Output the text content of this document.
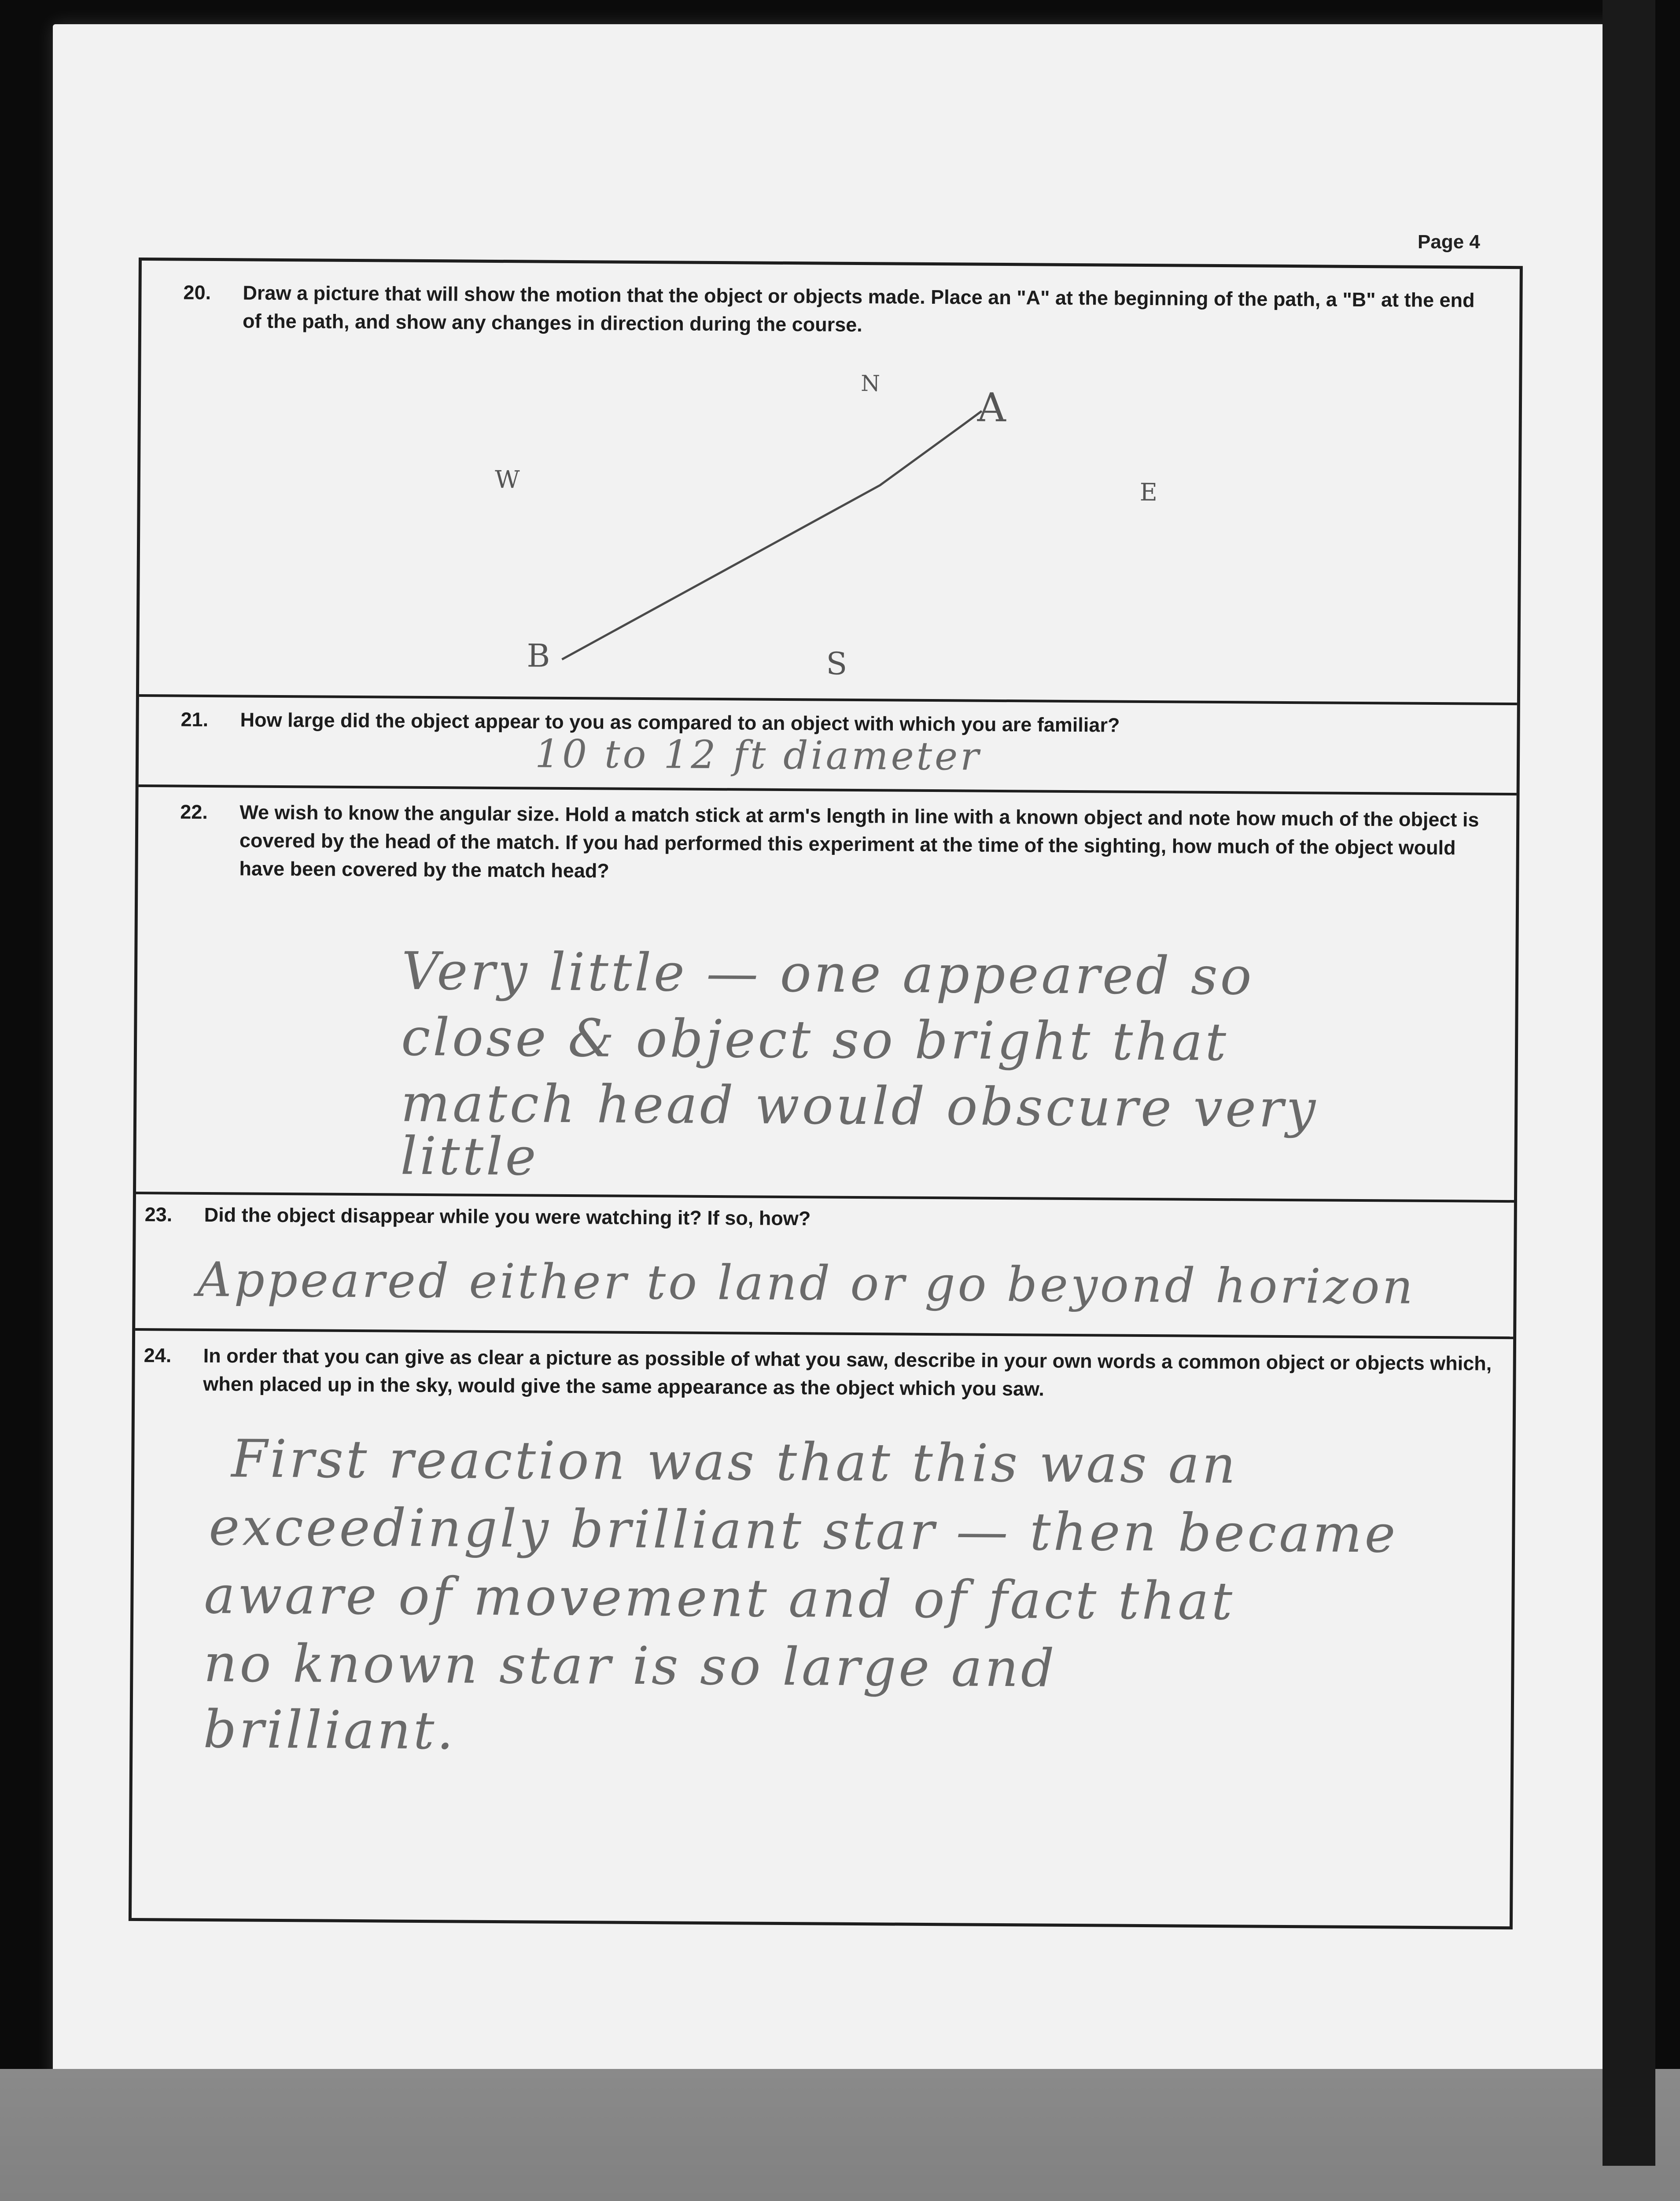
Page 4
20. Draw a picture that will show the motion that the object or objects made. Place an "A" at the beginning of the path, a "B" at the end of the path, and show any changes in direction during the course.
N
A
W	E
B	S
21. How large did the object appear to you as compared to an object with which you are familiar?
10 to 12 ft diameter
22. We wish to know the angular size. Hold a match stick at arm's length in line with a known object and note how much of the object is covered by the head of the match. If you had performed this experiment at the time of the sighting, how much of the object would have been covered by the match head?
Very little — one appeared so
close & object so bright that
match head would obscure very
little
23. Did the object disappear while you were watching it? If so, how?
Appeared either to land or go beyond horizon
24. In order that you can give as clear a picture as possible of what you saw, describe in your own words a common object or objects which, when placed up in the sky, would give the same appearance as the object which you saw.
First reaction was that this was an
exceedingly brilliant star — then became
aware of movement and of fact that
no known star is so large and
brilliant.
